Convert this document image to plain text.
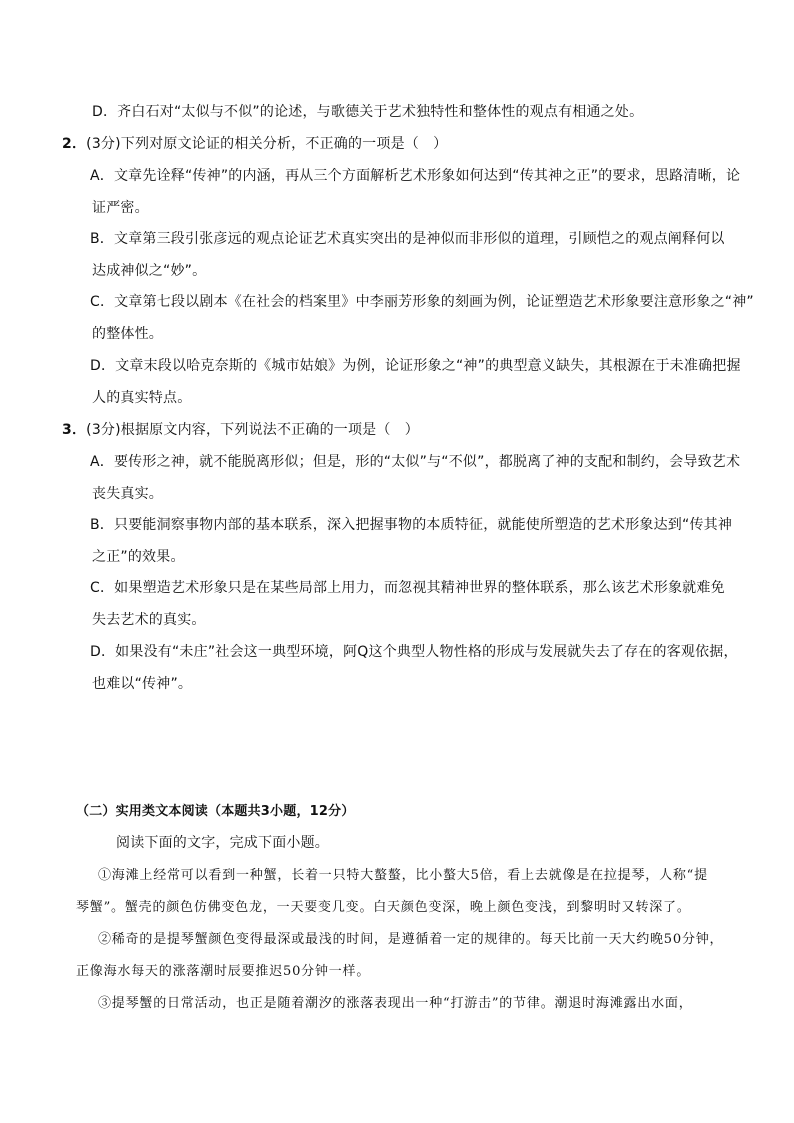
D．齐白石对“太似与不似”的论述，与歌德关于艺术独特性和整体性的观点有相通之处。
2．(3分)下列对原文论证的相关分析，不正确的一项是（　）
A．文章先诠释“传神”的内涵，再从三个方面解析艺术形象如何达到“传其神之正”的要求，思路清晰，论
证严密。
B．文章第三段引张彦远的观点论证艺术真实突出的是神似而非形似的道理，引顾恺之的观点阐释何以
达成神似之“妙”。
C．文章第七段以剧本《在社会的档案里》中李丽芳形象的刻画为例，论证塑造艺术形象要注意形象之“神”
的整体性。
D．文章末段以哈克奈斯的《城市姑娘》为例，论证形象之“神”的典型意义缺失，其根源在于未准确把握
人的真实特点。
3．(3分)根据原文内容，下列说法不正确的一项是（　）
A．要传形之神，就不能脱离形似；但是，形的“太似”与“不似”，都脱离了神的支配和制约，会导致艺术
丧失真实。
B．只要能洞察事物内部的基本联系，深入把握事物的本质特征，就能使所塑造的艺术形象达到“传其神
之正”的效果。
C．如果塑造艺术形象只是在某些局部上用力，而忽视其精神世界的整体联系，那么该艺术形象就难免
失去艺术的真实。
D．如果没有“未庄”社会这一典型环境，阿Q这个典型人物性格的形成与发展就失去了存在的客观依据，
也难以“传神”。
（二）实用类文本阅读（本题共3小题，12分）
阅读下面的文字，完成下面小题。
①海滩上经常可以看到一种蟹，长着一只特大螯螯，比小螯大5倍，看上去就像是在拉提琴，人称“提
琴蟹”。蟹壳的颜色仿佛变色龙，一天要变几变。白天颜色变深，晚上颜色变浅，到黎明时又转深了。
②稀奇的是提琴蟹颜色变得最深或最浅的时间，是遵循着一定的规律的。每天比前一天大约晚50分钟，
正像海水每天的涨落潮时辰要推迟50分钟一样。
③提琴蟹的日常活动，也正是随着潮汐的涨落表现出一种“打游击”的节律。潮退时海滩露出水面，
